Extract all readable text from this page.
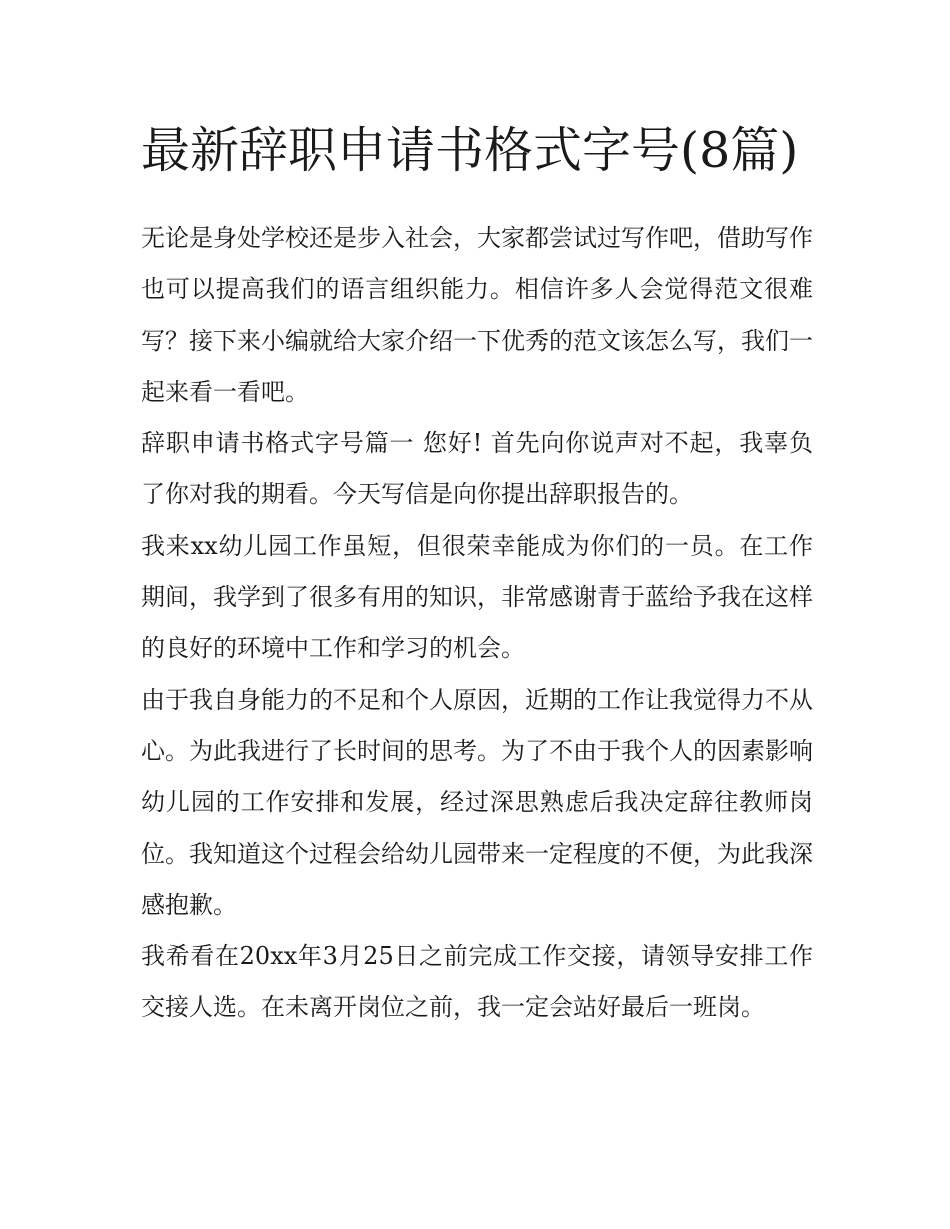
最新辞职申请书格式字号(8篇)

无论是身处学校还是步入社会，大家都尝试过写作吧，借助写作也可以提高我们的语言组织能力。相信许多人会觉得范文很难写？接下来小编就给大家介绍一下优秀的范文该怎么写，我们一起来看一看吧。

辞职申请书格式字号篇一 您好! 首先向你说声对不起，我辜负了你对我的期看。今天写信是向你提出辞职报告的。

我来xx幼儿园工作虽短，但很荣幸能成为你们的一员。在工作期间，我学到了很多有用的知识，非常感谢青于蓝给予我在这样的良好的环境中工作和学习的机会。

由于我自身能力的不足和个人原因，近期的工作让我觉得力不从心。为此我进行了长时间的思考。为了不由于我个人的因素影响幼儿园的工作安排和发展，经过深思熟虑后我决定辞往教师岗位。我知道这个过程会给幼儿园带来一定程度的不便，为此我深感抱歉。

我希看在20xx年3月25日之前完成工作交接，请领导安排工作交接人选。在未离开岗位之前，我一定会站好最后一班岗。
